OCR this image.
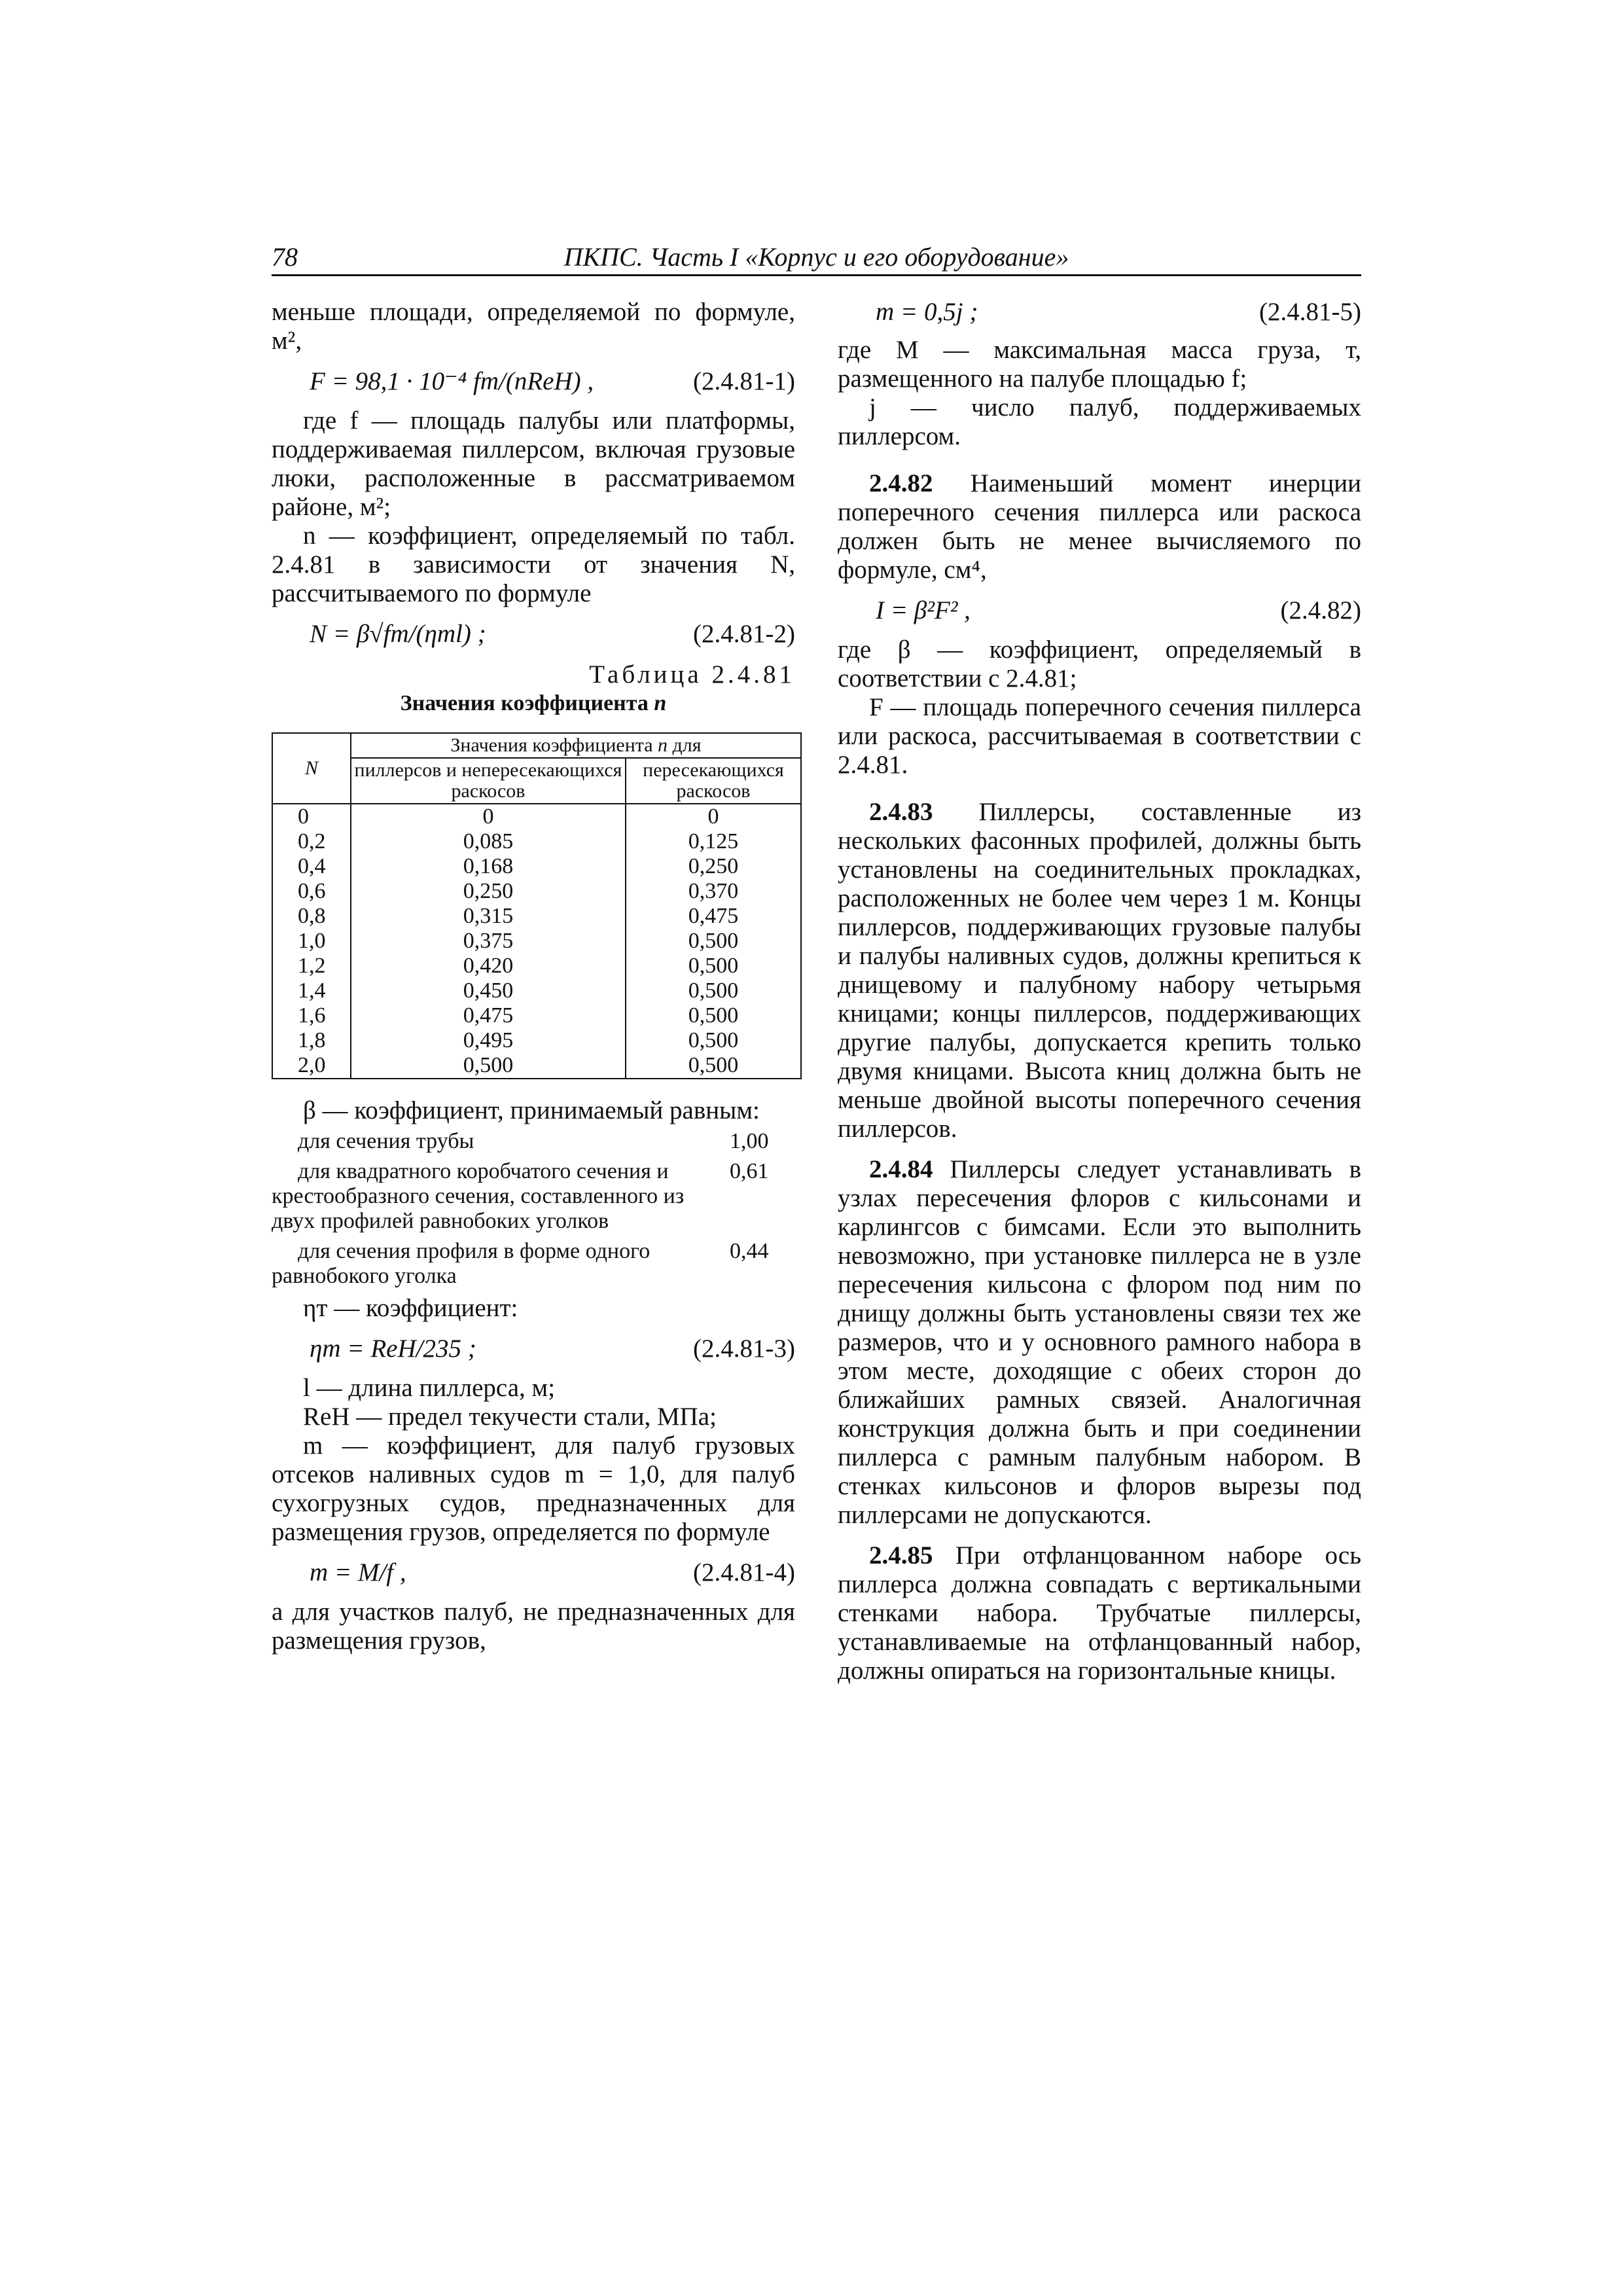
78	ПКПС. Часть I «Корпус и его оборудование»

меньше площади, определяемой по формуле, м²,

F = 98,1 · 10⁻⁴ fm/(nReH) ,	(2.4.81-1)

где f — площадь палубы или платформы, поддерживаемая пиллерсом, включая грузовые люки, расположенные в рассматриваемом районе, м²;

n — коэффициент, определяемый по табл. 2.4.81 в зависимости от значения N, рассчитываемого по формуле

N = β√fm/(ηтl) ;	(2.4.81-2)
Таблица 2.4.81
Значения коэффициента n
N	Значения коэффициента n для	
	пиллерсов и непересекающихся раскосов	пересекающихся раскосов
0	0	0
0,2	0,085	0,125
0,4	0,168	0,250
0,6	0,250	0,370
0,8	0,315	0,475
1,0	0,375	0,500
1,2	0,420	0,500
1,4	0,450	0,500
1,6	0,475	0,500
1,8	0,495	0,500
2,0	0,500	0,500

β — коэффициент, принимаемый равным:

для сечения трубы	1,00
для квадратного коробчатого сечения и крестообразного сечения, составленного из двух профилей равнобоких уголков
0,61
для сечения профиля в форме одного равнобокого уголка
0,44

ηт — коэффициент:

ηm = ReH/235 ;	(2.4.81-3)

l — длина пиллерса, м;

ReH — предел текучести стали, МПа;

m — коэффициент, для палуб грузовых отсеков наливных судов m = 1,0, для палуб сухогрузных судов, предназначенных для размещения грузов, определяется по формуле

m = M/f ,	(2.4.81-4)

а для участков палуб, не предназначенных для размещения грузов,

m = 0,5j ;	(2.4.81-5)

где M — максимальная масса груза, т, размещенного на палубе площадью f;

j — число палуб, поддерживаемых пиллерсом.

2.4.82 Наименьший момент инерции поперечного сечения пиллерса или раскоса должен быть не менее вычисляемого по формуле, см⁴,

I = β²F² ,	(2.4.82)

где β — коэффициент, определяемый в соответствии с 2.4.81;

F — площадь поперечного сечения пиллерса или раскоса, рассчитываемая в соответствии с 2.4.81.

2.4.83 Пиллерсы, составленные из нескольких фасонных профилей, должны быть установлены на соединительных прокладках, расположенных не более чем через 1 м. Концы пиллерсов, поддерживающих грузовые палубы и палубы наливных судов, должны крепиться к днищевому и палубному набору четырьмя кницами; концы пиллерсов, поддерживающих другие палубы, допускается крепить только двумя кницами. Высота книц должна быть не меньше двойной высоты поперечного сечения пиллерсов.

2.4.84 Пиллерсы следует устанавливать в узлах пересечения флоров с кильсонами и карлингсов с бимсами. Если это выполнить невозможно, при установке пиллерса не в узле пересечения кильсона с флором под ним по днищу должны быть установлены связи тех же размеров, что и у основного рамного набора в этом месте, доходящие с обеих сторон до ближайших рамных связей. Аналогичная конструкция должна быть и при соединении пиллерса с рамным палубным набором. В стенках кильсонов и флоров вырезы под пиллерсами не допускаются.

2.4.85 При отфланцованном наборе ось пиллерса должна совпадать с вертикальными стенками набора. Трубчатые пиллерсы, устанавливаемые на отфланцованный набор, должны опираться на горизонтальные кницы.
